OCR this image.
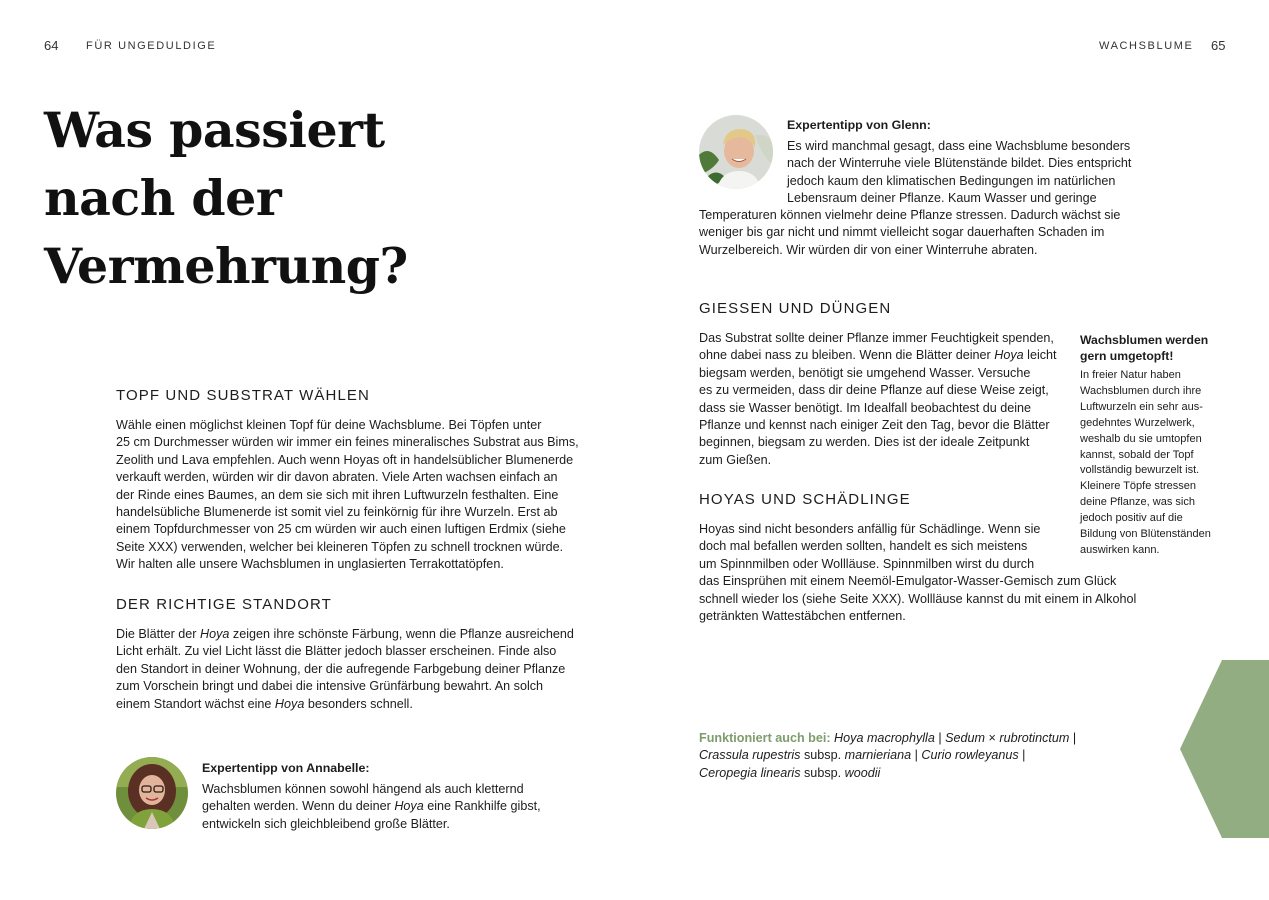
64	FÜR UNGEDULDIGE	WACHSBLUME 65
Was passiert
nach der
Vermehrung?
TOPF UND SUBSTRAT WÄHLEN
Wähle einen möglichst kleinen Topf für deine Wachsblume. Bei Töpfen unter
25 cm Durchmesser würden wir immer ein feines mineralisches Substrat aus Bims,
Zeolith und Lava empfehlen. Auch wenn Hoyas oft in handelsüblicher Blumenerde
verkauft werden, würden wir dir davon abraten. Viele Arten wachsen einfach an
der Rinde eines Baumes, an dem sie sich mit ihren Luftwurzeln festhalten. Eine
handelsübliche Blumenerde ist somit viel zu feinkörnig für ihre Wurzeln. Erst ab
einem Topfdurchmesser von 25 cm würden wir auch einen luftigen Erdmix (siehe
Seite XXX) verwenden, welcher bei kleineren Töpfen zu schnell trocknen würde.
Wir halten alle unsere Wachsblumen in unglasierten Terrakottatöpfen.
DER RICHTIGE STANDORT
Die Blätter der Hoya zeigen ihre schönste Färbung, wenn die Pflanze ausreichend
Licht erhält. Zu viel Licht lässt die Blätter jedoch blasser erscheinen. Finde also
den Standort in deiner Wohnung, der die aufregende Farbgebung deiner Pflanze
zum Vorschein bringt und dabei die intensive Grünfärbung bewahrt. An solch
einem Standort wächst eine Hoya besonders schnell.
Expertentipp von Annabelle:
Wachsblumen können sowohl hängend als auch kletternd
gehalten werden. Wenn du deiner Hoya eine Rankhilfe gibst,
entwickeln sich gleichbleibend große Blätter.
Expertentipp von Glenn:
Es wird manchmal gesagt, dass eine Wachsblume besonders
nach der Winterruhe viele Blütenstände bildet. Dies entspricht
jedoch kaum den klimatischen Bedingungen im natürlichen
Lebensraum deiner Pflanze. Kaum Wasser und geringe
Temperaturen können vielmehr deine Pflanze stressen. Dadurch wächst sie
weniger bis gar nicht und nimmt vielleicht sogar dauerhaften Schaden im
Wurzelbereich. Wir würden dir von einer Winterruhe abraten.
GIESSEN UND DÜNGEN
Das Substrat sollte deiner Pflanze immer Feuchtigkeit spenden,
ohne dabei nass zu bleiben. Wenn die Blätter deiner Hoya leicht
biegsam werden, benötigt sie umgehend Wasser. Versuche
es zu vermeiden, dass dir deine Pflanze auf diese Weise zeigt,
dass sie Wasser benötigt. Im Idealfall beobachtest du deine
Pflanze und kennst nach einiger Zeit den Tag, bevor die Blätter
beginnen, biegsam zu werden. Dies ist der ideale Zeitpunkt
zum Gießen.
HOYAS UND SCHÄDLINGE
Hoyas sind nicht besonders anfällig für Schädlinge. Wenn sie
doch mal befallen werden sollten, handelt es sich meistens
um Spinnmilben oder Wollläuse. Spinnmilben wirst du durch
das Einsprühen mit einem Neemöl-Emulgator-Wasser-Gemisch zum Glück
schnell wieder los (siehe Seite XXX). Wollläuse kannst du mit einem in Alkohol
getränkten Wattestäbchen entfernen.
Wachsblumen werden
gern umgetopft!
In freier Natur haben
Wachsblumen durch ihre
Luftwurzeln ein sehr aus-
gedehntes Wurzelwerk,
weshalb du sie umtopfen
kannst, sobald der Topf
vollständig bewurzelt ist.
Kleinere Töpfe stressen
deine Pflanze, was sich
jedoch positiv auf die
Bildung von Blütenständen
auswirken kann.
Funktioniert auch bei: Hoya macrophylla | Sedum × rubrotinctum |
Crassula rupestris subsp. marnieriana | Curio rowleyanus |
Ceropegia linearis subsp. woodii
